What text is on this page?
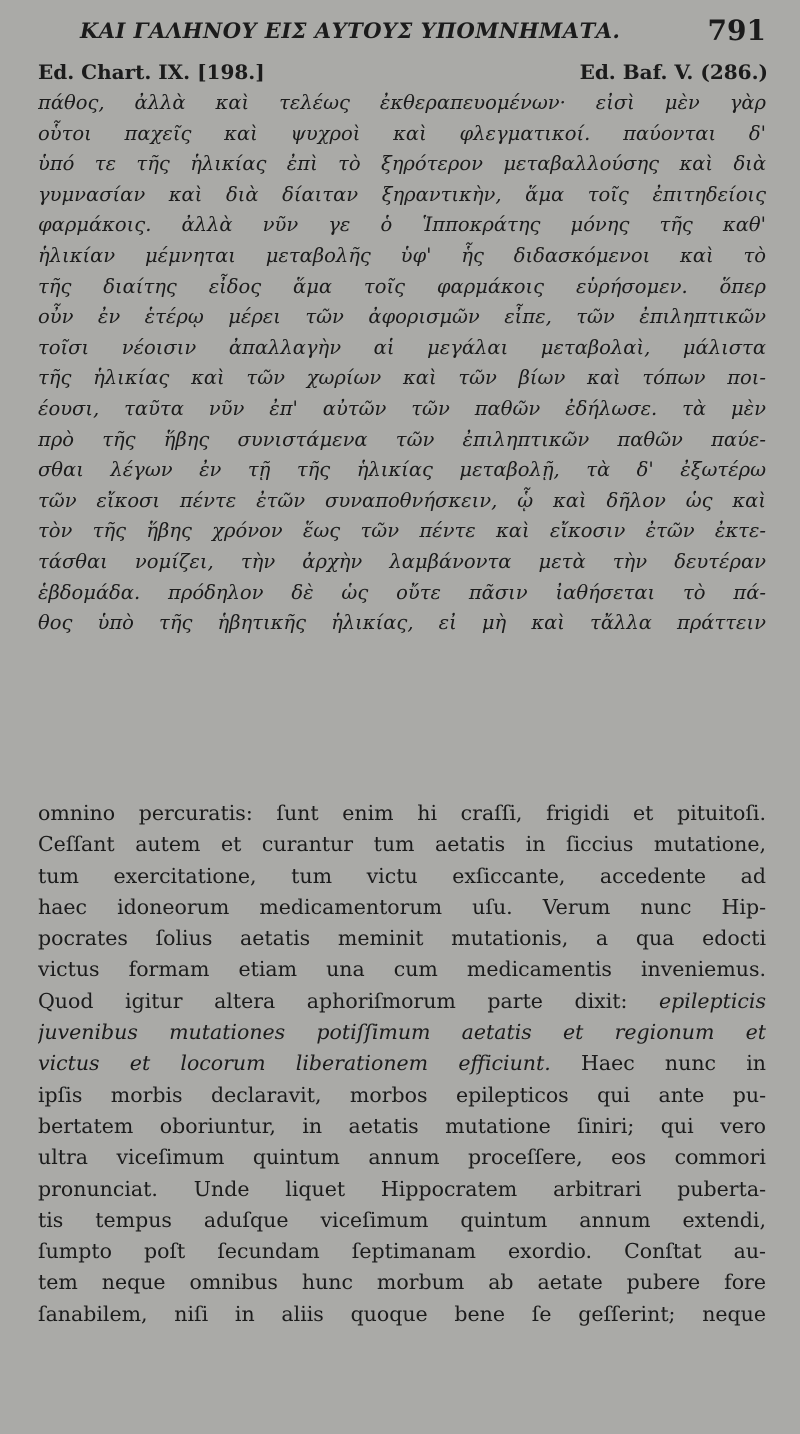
ΚΑΙ ΓΑΛΗΝΟΥ ΕΙΣ ΑΥΤΟΥΣ ΥΠΟΜΝΗΜΑΤΑ.	791
Ed. Chart. IX. [198.]	Ed. Baf. V. (286.)
πάθος, ἀλλὰ καὶ τελέως ἐκθεραπευομένων· εἰσὶ μὲν γὰρ
οὗτοι παχεῖς καὶ ψυχροὶ καὶ φλεγματικοί. παύονται δ'
ὑπό τε τῆς ἡλικίας ἐπὶ τὸ ξηρότερον μεταβαλλούσης καὶ διὰ
γυμνασίαν καὶ διὰ δίαιταν ξηραντικὴν, ἅμα τοῖς ἐπιτηδείοις
φαρμάκοις. ἀλλὰ νῦν γε ὁ Ἱπποκράτης μόνης τῆς καθ'
ἡλικίαν μέμνηται μεταβολῆς ὑφ' ἧς διδασκόμενοι καὶ τὸ
τῆς διαίτης εἶδος ἅμα τοῖς φαρμάκοις εὑρήσομεν. ὅπερ
οὖν ἐν ἑτέρῳ μέρει τῶν ἀφορισμῶν εἶπε, τῶν ἐπιληπτικῶν
τοῖσι νέοισιν ἀπαλλαγὴν αἱ μεγάλαι μεταβολαὶ, μάλιστα
τῆς ἡλικίας καὶ τῶν χωρίων καὶ τῶν βίων καὶ τόπων ποι-
έουσι, ταῦτα νῦν ἐπ' αὐτῶν τῶν παθῶν ἐδήλωσε. τὰ μὲν
πρὸ τῆς ἥβης συνιστάμενα τῶν ἐπιληπτικῶν παθῶν παύε-
σθαι λέγων ἐν τῇ τῆς ἡλικίας μεταβολῇ, τὰ δ' ἐξωτέρω
τῶν εἴκοσι πέντε ἐτῶν συναποθνήσκειν, ᾧ καὶ δῆλον ὡς καὶ
τὸν τῆς ἥβης χρόνον ἕως τῶν πέντε καὶ εἴκοσιν ἐτῶν ἐκτε-
τάσθαι νομίζει, τὴν ἀρχὴν λαμβάνοντα μετὰ τὴν δευτέραν
ἑβδομάδα. πρόδηλον δὲ ὡς οὔτε πᾶσιν ἰαθήσεται τὸ πά-
θος ὑπὸ τῆς ἡβητικῆς ἡλικίας, εἰ μὴ καὶ τἄλλα πράττειν
omnino percuratis: ſunt enim hi craſſi, frigidi et pituitoſi.
Ceſſant autem et curantur tum aetatis in ſiccius mutatione,
tum exercitatione, tum victu exſiccante, accedente ad
haec idoneorum medicamentorum uſu. Verum nunc Hip-
pocrates ſolius aetatis meminit mutationis, a qua edocti
victus formam etiam una cum medicamentis inveniemus.
Quod igitur altera aphoriſmorum parte dixit: epilepticis
juvenibus mutationes potiſſimum aetatis et regionum et
victus et locorum liberationem efficiunt. Haec nunc in
ipſis morbis declaravit, morbos epilepticos qui ante pu-
bertatem oboriuntur, in aetatis mutatione ſiniri; qui vero
ultra viceſimum quintum annum proceſſere, eos commori
pronunciat. Unde liquet Hippocratem arbitrari puberta-
tis tempus aduſque viceſimum quintum annum extendi,
ſumpto poſt ſecundam ſeptimanam exordio. Conſtat au-
tem neque omnibus hunc morbum ab aetate pubere fore
ſanabilem, niſi in aliis quoque bene ſe geſſerint; neque
